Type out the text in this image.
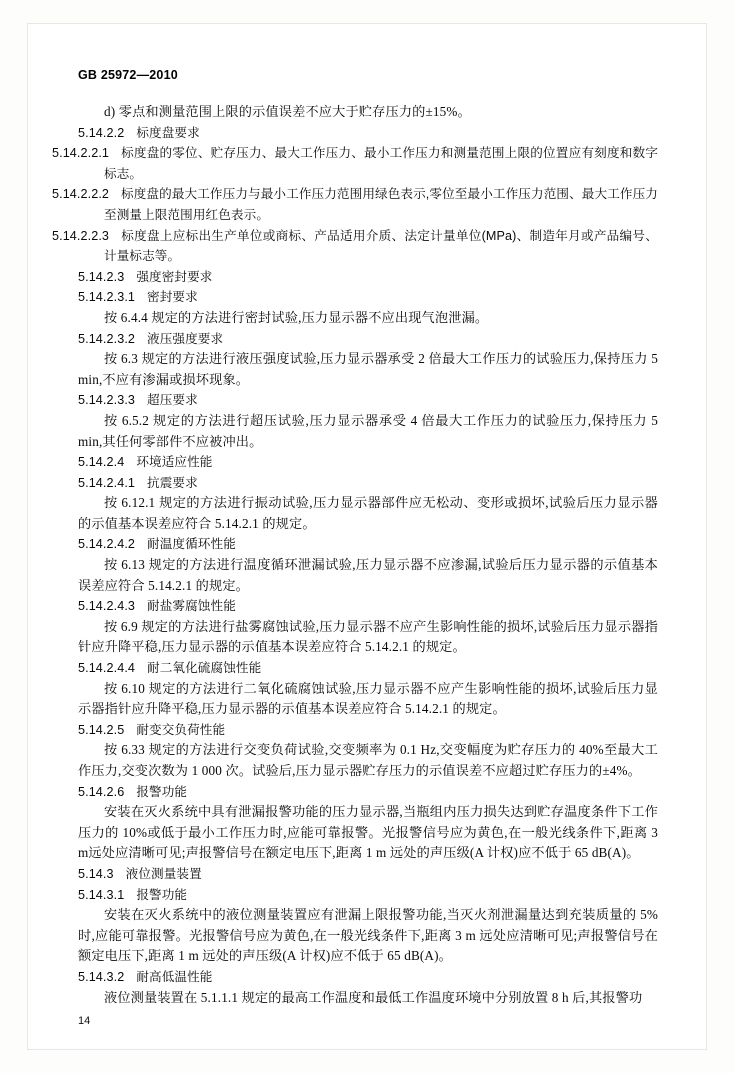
GB 25972—2010
d) 零点和测量范围上限的示值误差不应大于贮存压力的±15%。
5.14.2.2 标度盘要求
5.14.2.2.1 标度盘的零位、贮存压力、最大工作压力、最小工作压力和测量范围上限的位置应有刻度和数字标志。
5.14.2.2.2 标度盘的最大工作压力与最小工作压力范围用绿色表示,零位至最小工作压力范围、最大工作压力至测量上限范围用红色表示。
5.14.2.2.3 标度盘上应标出生产单位或商标、产品适用介质、法定计量单位(MPa)、制造年月或产品编号、计量标志等。
5.14.2.3 强度密封要求
5.14.2.3.1 密封要求
按 6.4.4 规定的方法进行密封试验,压力显示器不应出现气泡泄漏。
5.14.2.3.2 液压强度要求
按 6.3 规定的方法进行液压强度试验,压力显示器承受 2 倍最大工作压力的试验压力,保持压力 5 min,不应有渗漏或损坏现象。
5.14.2.3.3 超压要求
按 6.5.2 规定的方法进行超压试验,压力显示器承受 4 倍最大工作压力的试验压力,保持压力 5 min,其任何零部件不应被冲出。
5.14.2.4 环境适应性能
5.14.2.4.1 抗震要求
按 6.12.1 规定的方法进行振动试验,压力显示器部件应无松动、变形或损坏,试验后压力显示器的示值基本误差应符合 5.14.2.1 的规定。
5.14.2.4.2 耐温度循环性能
按 6.13 规定的方法进行温度循环泄漏试验,压力显示器不应渗漏,试验后压力显示器的示值基本误差应符合 5.14.2.1 的规定。
5.14.2.4.3 耐盐雾腐蚀性能
按 6.9 规定的方法进行盐雾腐蚀试验,压力显示器不应产生影响性能的损坏,试验后压力显示器指针应升降平稳,压力显示器的示值基本误差应符合 5.14.2.1 的规定。
5.14.2.4.4 耐二氧化硫腐蚀性能
按 6.10 规定的方法进行二氧化硫腐蚀试验,压力显示器不应产生影响性能的损坏,试验后压力显示器指针应升降平稳,压力显示器的示值基本误差应符合 5.14.2.1 的规定。
5.14.2.5 耐变交负荷性能
按 6.33 规定的方法进行交变负荷试验,交变频率为 0.1 Hz,交变幅度为贮存压力的 40%至最大工作压力,交变次数为 1 000 次。试验后,压力显示器贮存压力的示值误差不应超过贮存压力的±4%。
5.14.2.6 报警功能
安装在灭火系统中具有泄漏报警功能的压力显示器,当瓶组内压力损失达到贮存温度条件下工作压力的 10%或低于最小工作压力时,应能可靠报警。光报警信号应为黄色,在一般光线条件下,距离 3 m远处应清晰可见;声报警信号在额定电压下,距离 1 m 远处的声压级(A 计权)应不低于 65 dB(A)。
5.14.3 液位测量装置
5.14.3.1 报警功能
安装在灭火系统中的液位测量装置应有泄漏上限报警功能,当灭火剂泄漏量达到充装质量的 5%时,应能可靠报警。光报警信号应为黄色,在一般光线条件下,距离 3 m 远处应清晰可见;声报警信号在额定电压下,距离 1 m 远处的声压级(A 计权)应不低于 65 dB(A)。
5.14.3.2 耐高低温性能
液位测量装置在 5.1.1.1 规定的最高工作温度和最低工作温度环境中分别放置 8 h 后,其报警功
14
